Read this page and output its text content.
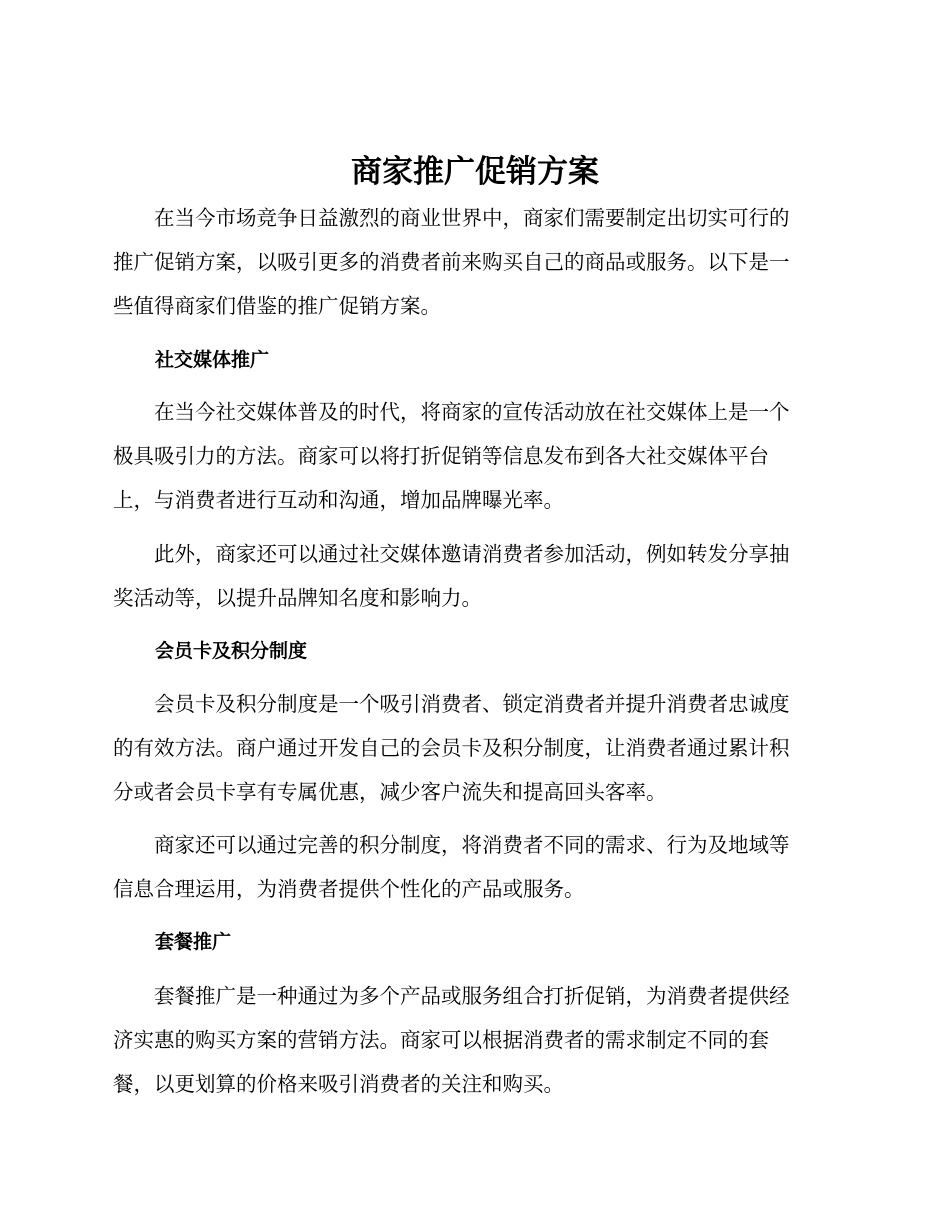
商家推广促销方案

　　在当今市场竞争日益激烈的商业世界中，商家们需要制定出切实可行的

推广促销方案，以吸引更多的消费者前来购买自己的商品或服务。以下是一

些值得商家们借鉴的推广促销方案。

社交媒体推广

　　在当今社交媒体普及的时代，将商家的宣传活动放在社交媒体上是一个

极具吸引力的方法。商家可以将打折促销等信息发布到各大社交媒体平台

上，与消费者进行互动和沟通，增加品牌曝光率。

　　此外，商家还可以通过社交媒体邀请消费者参加活动，例如转发分享抽

奖活动等，以提升品牌知名度和影响力。

会员卡及积分制度

　　会员卡及积分制度是一个吸引消费者、锁定消费者并提升消费者忠诚度

的有效方法。商户通过开发自己的会员卡及积分制度，让消费者通过累计积

分或者会员卡享有专属优惠，减少客户流失和提高回头客率。

　　商家还可以通过完善的积分制度，将消费者不同的需求、行为及地域等

信息合理运用，为消费者提供个性化的产品或服务。

套餐推广

　　套餐推广是一种通过为多个产品或服务组合打折促销，为消费者提供经

济实惠的购买方案的营销方法。商家可以根据消费者的需求制定不同的套

餐，以更划算的价格来吸引消费者的关注和购买。
